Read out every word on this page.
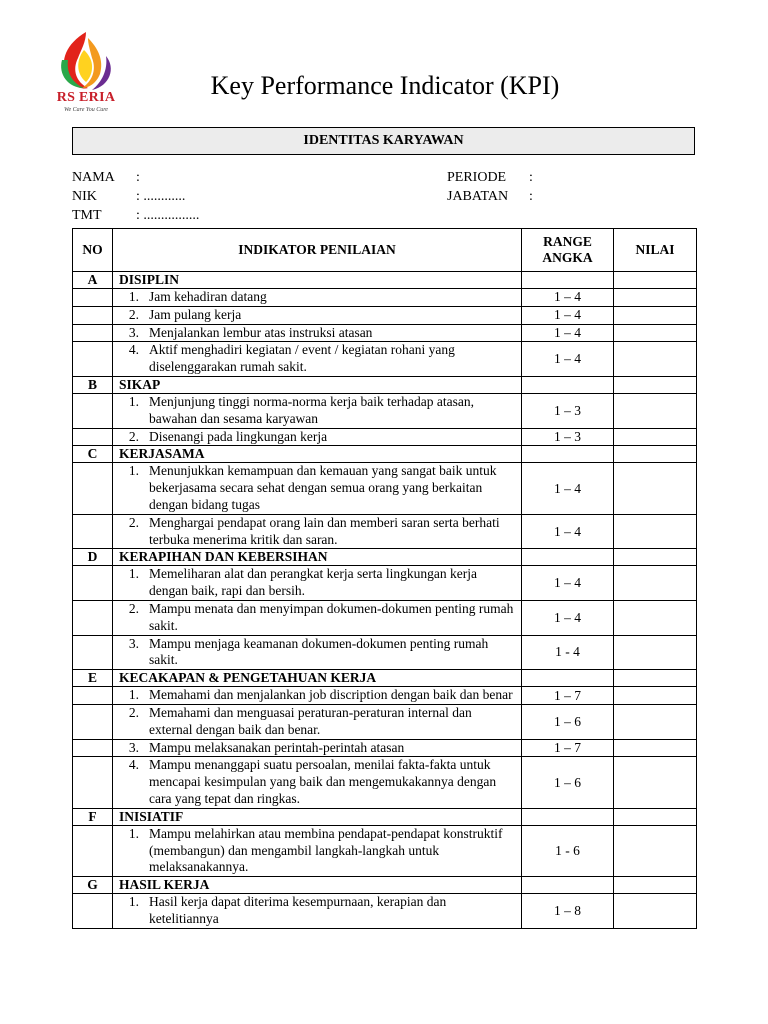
RS ERIA
We Care You Cure
Key Performance Indicator (KPI)
IDENTITAS KARYAWAN
NAMA :
NIK	: ............
TMT : ................
PERIODE :
JABATAN :
NO	INDIKATOR PENILAIAN	RANGE ANGKA	NILAI
A	DISIPLIN		

	1. Jam kehadiran datang	1 – 4	

	2. Jam pulang kerja	1 – 4	

	3. Menjalankan lembur atas instruksi atasan	1 – 4	

	4. Aktif menghadiri kegiatan / event / kegiatan rohani yang diselenggarakan rumah sakit.	1 – 4	
B	SIKAP		

	1. Menjunjung tinggi norma-norma kerja baik terhadap atasan, bawahan dan sesama karyawan	1 – 3	

	2. Disenangi pada lingkungan kerja	1 – 3	
C	KERJASAMA		

	1. Menunjukkan kemampuan dan kemauan yang sangat baik untuk bekerjasama secara sehat dengan semua orang yang berkaitan dengan bidang tugas	1 – 4	

	2. Menghargai pendapat orang lain dan memberi saran serta berhati terbuka menerima kritik dan saran.	1 – 4	
D	KERAPIHAN DAN KEBERSIHAN		

	1. Memeliharan alat dan perangkat kerja serta lingkungan kerja dengan baik, rapi dan bersih.	1 – 4	

	2. Mampu menata dan menyimpan dokumen-dokumen penting rumah sakit.	1 – 4	

	3. Mampu menjaga keamanan dokumen-dokumen penting rumah sakit.	1 - 4	
E	KECAKAPAN & PENGETAHUAN KERJA		

	1. Memahami dan menjalankan job discription dengan baik dan benar	1 – 7	

	2. Memahami dan menguasai peraturan-peraturan internal dan external dengan baik dan benar.	1 – 6	

	3. Mampu melaksanakan perintah-perintah atasan	1 – 7	

	4. Mampu menanggapi suatu persoalan, menilai fakta-fakta untuk mencapai kesimpulan yang baik dan mengemukakannya dengan cara yang tepat dan ringkas.	1 – 6	
F	INISIATIF		

	1. Mampu melahirkan atau membina pendapat-pendapat konstruktif (membangun) dan mengambil langkah-langkah untuk melaksanakannya.	1 - 6	
G	HASIL KERJA		

	1. Hasil kerja dapat diterima kesempurnaan, kerapian dan ketelitiannya	1 – 8	
